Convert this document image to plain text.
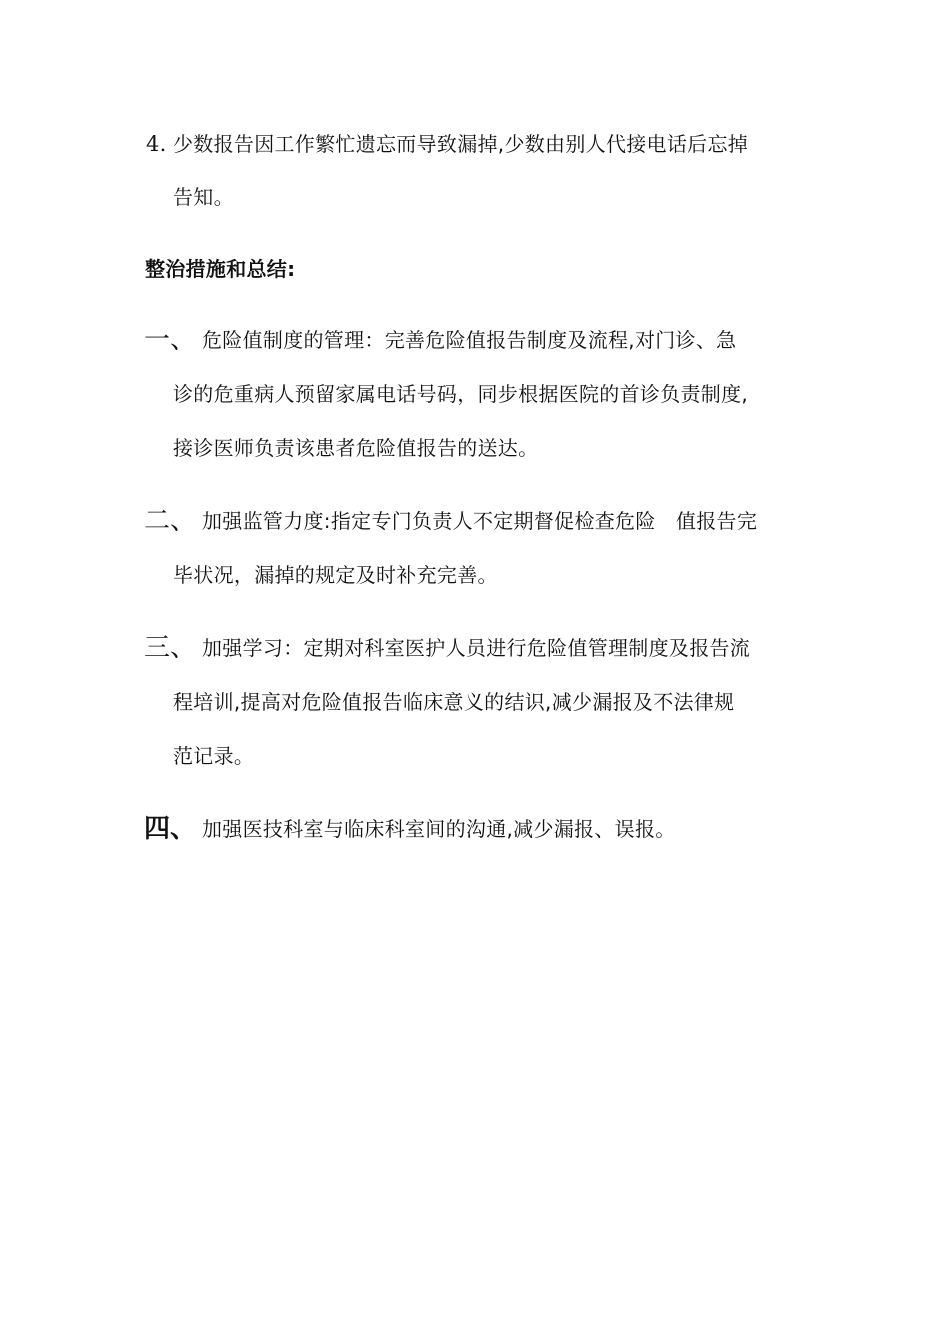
4. 少数报告因工作繁忙遗忘而导致漏掉,少数由别人代接电话后忘掉
告知。
整治措施和总结:
一、 危险值制度的管理：完善危险值报告制度及流程,对门诊、急
诊的危重病人预留家属电话号码，同步根据医院的首诊负责制度,
接诊医师负责该患者危险值报告的送达。
二、 加强监管力度:指定专门负责人不定期督促检查危险　值报告完
毕状况，漏掉的规定及时补充完善。
三、 加强学习：定期对科室医护人员进行危险值管理制度及报告流
程培训,提高对危险值报告临床意义的结识,减少漏报及不法律规
范记录。
四、 加强医技科室与临床科室间的沟通,减少漏报、误报。
